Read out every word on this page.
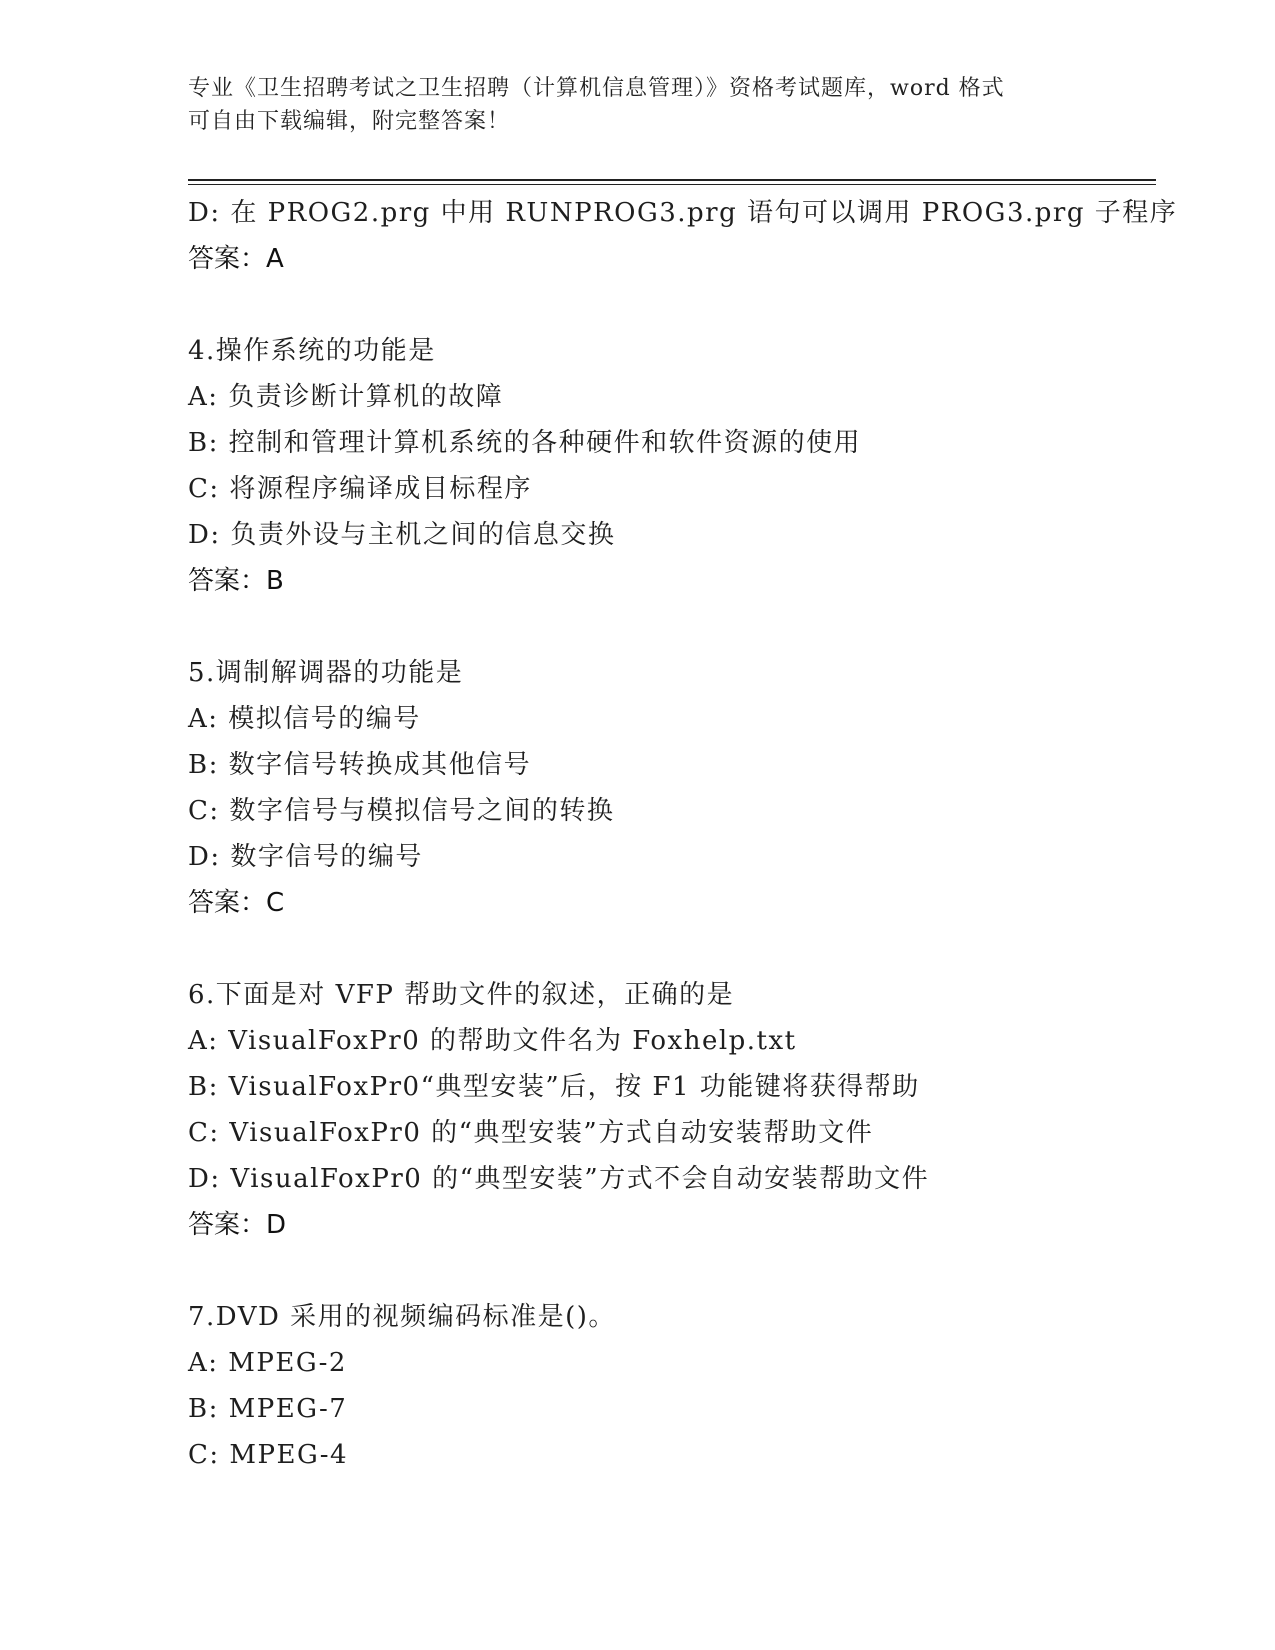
专业《卫生招聘考试之卫生招聘（计算机信息管理）》资格考试题库，word 格式
可自由下载编辑，附完整答案！
D: 在 PROG2.prg 中用 RUNPROG3.prg 语句可以调用 PROG3.prg 子程序
答案：A
4.操作系统的功能是
A: 负责诊断计算机的故障
B: 控制和管理计算机系统的各种硬件和软件资源的使用
C: 将源程序编译成目标程序
D: 负责外设与主机之间的信息交换
答案：B
5.调制解调器的功能是
A: 模拟信号的编号
B: 数字信号转换成其他信号
C: 数字信号与模拟信号之间的转换
D: 数字信号的编号
答案：C
6.下面是对 VFP 帮助文件的叙述，正确的是
A: VisualFoxPr0 的帮助文件名为 Foxhelp.txt
B: VisualFoxPr0“典型安装”后，按 F1 功能键将获得帮助
C: VisualFoxPr0 的“典型安装”方式自动安装帮助文件
D: VisualFoxPr0 的“典型安装”方式不会自动安装帮助文件
答案：D
7.DVD 采用的视频编码标准是()。
A: MPEG-2
B: MPEG-7
C: MPEG-4
